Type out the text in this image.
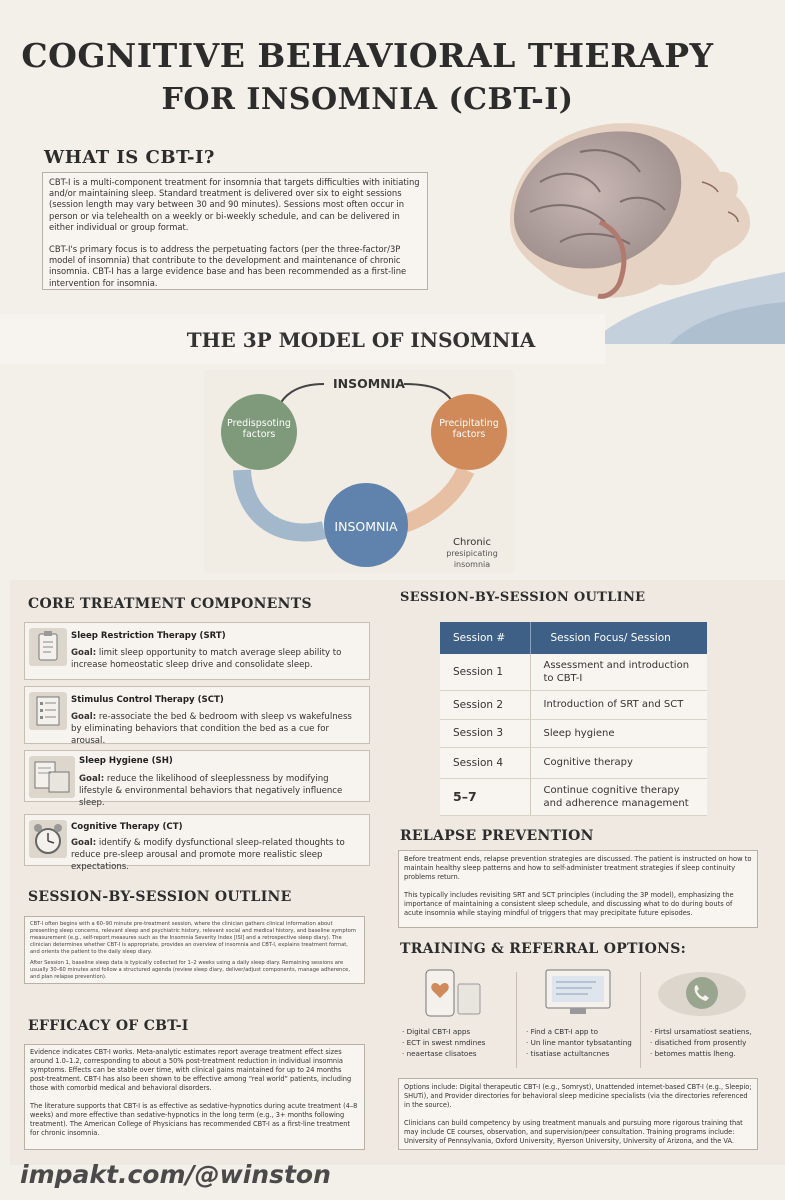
COGNITIVE BEHAVIORAL THERAPY
FOR INSOMNIA (CBT-I)
WHAT IS CBT-I?

CBT-I is a multi-component treatment for insomnia that targets difficulties with initiating and/or maintaining sleep. Standard treatment is delivered over six to eight sessions (session length may vary between 30 and 90 minutes). Sessions most often occur in person or via telehealth on a weekly or bi-weekly schedule, and can be delivered in either individual or group format.

CBT-I's primary focus is to address the perpetuating factors (per the three-factor/3P model of insomnia) that contribute to the development and maintenance of chronic insomnia. CBT-I has a large evidence base and has been recommended as a first-line intervention for insomnia.

THE 3P MODEL OF INSOMNIA
INSOMNIA
Predispsoting factors
Precipitating factors
INSOMNIA
Chronic
presipicating insomnia
CORE TREATMENT COMPONENTS
Sleep Restriction Therapy (SRT)
Goal: limit sleep opportunity to match average sleep ability to increase homeostatic sleep drive and consolidate sleep.
Stimulus Control Therapy (SCT)
Goal: re-associate the bed & bedroom with sleep vs wakefulness by eliminating behaviors that condition the bed as a cue for arousal.
Sleep Hygiene (SH)
Goal: reduce the likelihood of sleeplessness by modifying lifestyle & environmental behaviors that negatively influence sleep.
Cognitive Therapy (CT)
Goal: identify & modify dysfunctional sleep-related thoughts to reduce pre-sleep arousal and promote more realistic sleep expectations.
SESSION-BY-SESSION OUTLINE

CBT-I often begins with a 60–90 minute pre-treatment session, where the clinician gathers clinical information about presenting sleep concerns, relevant sleep and psychiatric history, relevant social and medical history, and baseline symptom measurement (e.g., self-report measures such as the Insomnia Severity Index [ISI] and a retrospective sleep diary). The clinician determines whether CBT-I is appropriate, provides an overview of insomnia and CBT-I, explains treatment format, and orients the patient to the daily sleep diary.

After Session 1, baseline sleep data is typically collected for 1–2 weeks using a daily sleep diary. Remaining sessions are usually 30–60 minutes and follow a structured agenda (review sleep diary, deliver/adjust components, manage adherence, and plan relapse prevention).

EFFICACY OF CBT-I

Evidence indicates CBT-I works. Meta-analytic estimates report average treatment effect sizes around 1.0–1.2, corresponding to about a 50% post-treatment reduction in individual insomnia symptoms. Effects can be stable over time, with clinical gains maintained for up to 24 months post-treatment. CBT-I has also been shown to be effective among “real world” patients, including those with comorbid medical and behavioral disorders.

The literature supports that CBT-I is as effective as sedative-hypnotics during acute treatment (4–8 weeks) and more effective than sedative-hypnotics in the long term (e.g., 3+ months following treatment). The American College of Physicians has recommended CBT-I as a first-line treatment for chronic insomnia.

SESSION-BY-SESSION OUTLINE
Session #	Session Focus/ Session
Session 1	Assessment and introduction to CBT-I
Session 2	Introduction of SRT and SCT
Session 3	Sleep hygiene
Session 4	Cognitive therapy
5–7	Continue cognitive therapy and adherence management
RELAPSE PREVENTION

Before treatment ends, relapse prevention strategies are discussed. The patient is instructed on how to maintain healthy sleep patterns and how to self-administer treatment strategies if sleep continuity problems return.

This typically includes revisiting SRT and SCT principles (including the 3P model), emphasizing the importance of maintaining a consistent sleep schedule, and discussing what to do during bouts of acute insomnia while staying mindful of triggers that may precipitate future episodes.

TRAINING & REFERRAL OPTIONS:
· Digital CBT-I apps
· ECT in swest nmdines
· neaertase clisatoes
· Find a CBT-I app to
· Un line mantor tybsatanting
· tisatiase actultancnes
· Firtsl ursamatiost seatiens,
· disatiched from prosently
· betomes mattis lheng.

Options include: Digital therapeutic CBT-I (e.g., Somryst), Unattended internet-based CBT-I (e.g., Sleepio; SHUTi), and Provider directories for behavioral sleep medicine specialists (via the directories referenced in the source).

Clinicians can build competency by using treatment manuals and pursuing more rigorous training that may include CE courses, observation, and supervision/peer consultation. Training programs include: University of Pennsylvania, Oxford University, Ryerson University, University of Arizona, and the VA.

impakt.com/@winston
